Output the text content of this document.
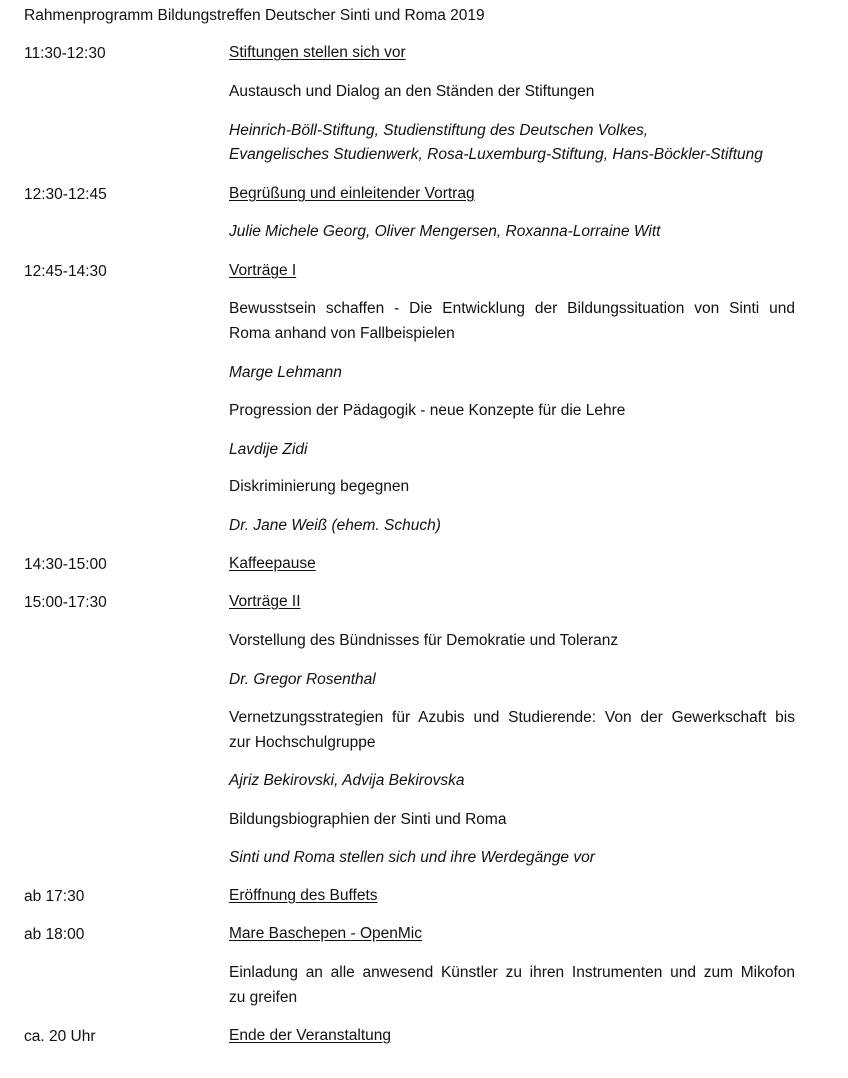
Rahmenprogramm Bildungstreffen Deutscher Sinti und Roma 2019
11:30-12:30	Stiftungen stellen sich vor
Austausch und Dialog an den Ständen der Stiftungen
Heinrich-Böll-Stiftung, Studienstiftung des Deutschen Volkes,
Evangelisches Studienwerk, Rosa-Luxemburg-Stiftung, Hans-Böckler-Stiftung
12:30-12:45	Begrüßung und einleitender Vortrag
Julie Michele Georg, Oliver Mengersen, Roxanna-Lorraine Witt
12:45-14:30	Vorträge I
Bewusstsein schaffen - Die Entwicklung der Bildungssituation von Sinti und
Roma anhand von Fallbeispielen
Marge Lehmann
Progression der Pädagogik - neue Konzepte für die Lehre
Lavdije Zidi
Diskriminierung begegnen
Dr. Jane Weiß (ehem. Schuch)
14:30-15:00	Kaffeepause
15:00-17:30	Vorträge II
Vorstellung des Bündnisses für Demokratie und Toleranz
Dr. Gregor Rosenthal
Vernetzungsstrategien für Azubis und Studierende: Von der Gewerkschaft bis
zur Hochschulgruppe
Ajriz Bekirovski, Advija Bekirovska
Bildungsbiographien der Sinti und Roma
Sinti und Roma stellen sich und ihre Werdegänge vor
ab 17:30	Eröffnung des Buffets
ab 18:00	Mare Baschepen - OpenMic
Einladung an alle anwesend Künstler zu ihren Instrumenten und zum Mikofon
zu greifen
ca. 20 Uhr	Ende der Veranstaltung
